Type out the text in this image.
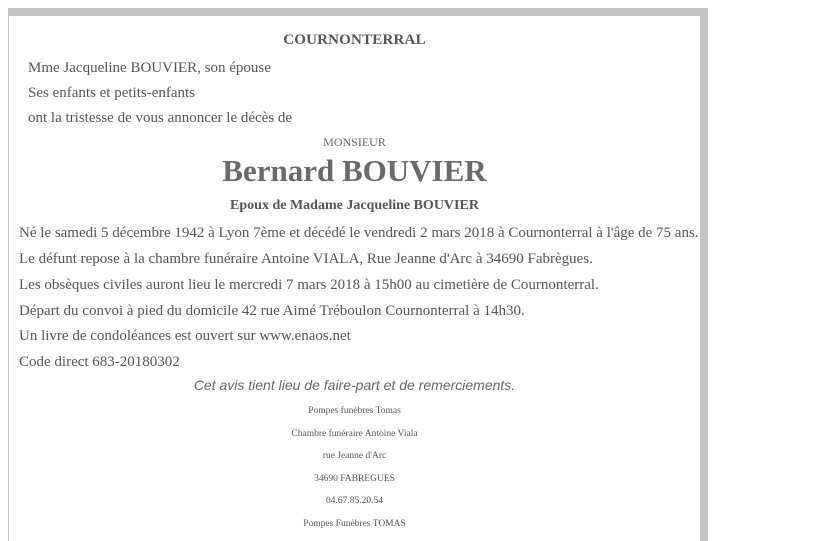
COURNONTERRAL
Mme Jacqueline BOUVIER, son épouse
Ses enfants et petits-enfants
ont la tristesse de vous annoncer le décès de
MONSIEUR
Bernard BOUVIER
Epoux de Madame Jacqueline BOUVIER
Né le samedi 5 décembre 1942 à Lyon 7ème et décédé le vendredi 2 mars 2018 à Cournonterral à l'âge de 75 ans.
Le défunt repose à la chambre funéraire Antoine VIALA, Rue Jeanne d'Arc à 34690 Fabrègues.
Les obsèques civiles auront lieu le mercredi 7 mars 2018 à 15h00 au cimetière de Cournonterral.
Départ du convoi à pied du domicile 42 rue Aimé Tréboulon Cournonterral à 14h30.
Un livre de condoléances est ouvert sur www.enaos.net
Code direct 683-20180302
Cet avis tient lieu de faire-part et de remerciements.
Pompes funèbres Tomas
Chambre funéraire Antoine Viala
rue Jeanne d'Arc
34690 FABREGUES
04.67.85.20.54
Pompes Funèbres TOMAS
